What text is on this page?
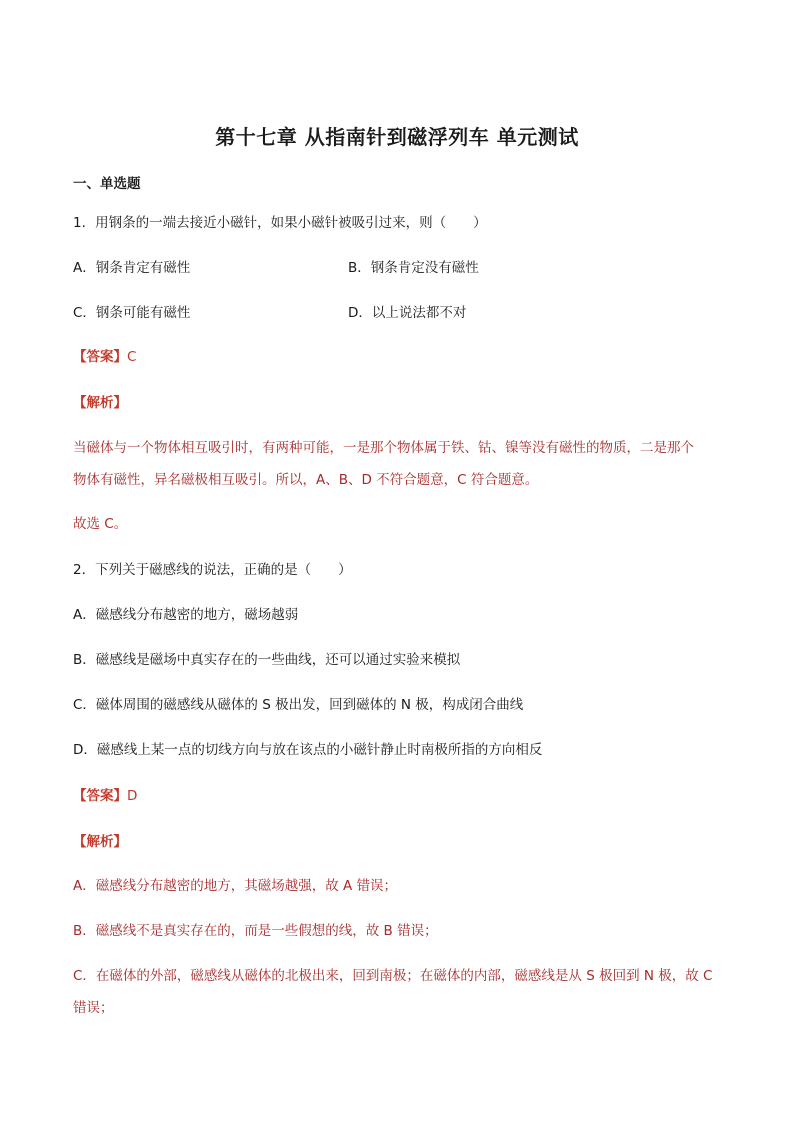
第十七章 从指南针到磁浮列车 单元测试
一、单选题
1．用钢条的一端去接近小磁针，如果小磁针被吸引过来，则（　　）
A．钢条肯定有磁性	B．钢条肯定没有磁性
C．钢条可能有磁性	D．以上说法都不对
【答案】C
【解析】
当磁体与一个物体相互吸引时，有两种可能，一是那个物体属于铁、钴、镍等没有磁性的物质，二是那个
物体有磁性，异名磁极相互吸引。所以，A、B、D 不符合题意，C 符合题意。
故选 C。
2．下列关于磁感线的说法，正确的是（　　）
A．磁感线分布越密的地方，磁场越弱
B．磁感线是磁场中真实存在的一些曲线，还可以通过实验来模拟
C．磁体周围的磁感线从磁体的 S 极出发，回到磁体的 N 极，构成闭合曲线
D．磁感线上某一点的切线方向与放在该点的小磁针静止时南极所指的方向相反
【答案】D
【解析】
A．磁感线分布越密的地方，其磁场越强，故 A 错误；
B．磁感线不是真实存在的，而是一些假想的线，故 B 错误；
C．在磁体的外部，磁感线从磁体的北极出来，回到南极；在磁体的内部，磁感线是从 S 极回到 N 极，故 C
错误；
